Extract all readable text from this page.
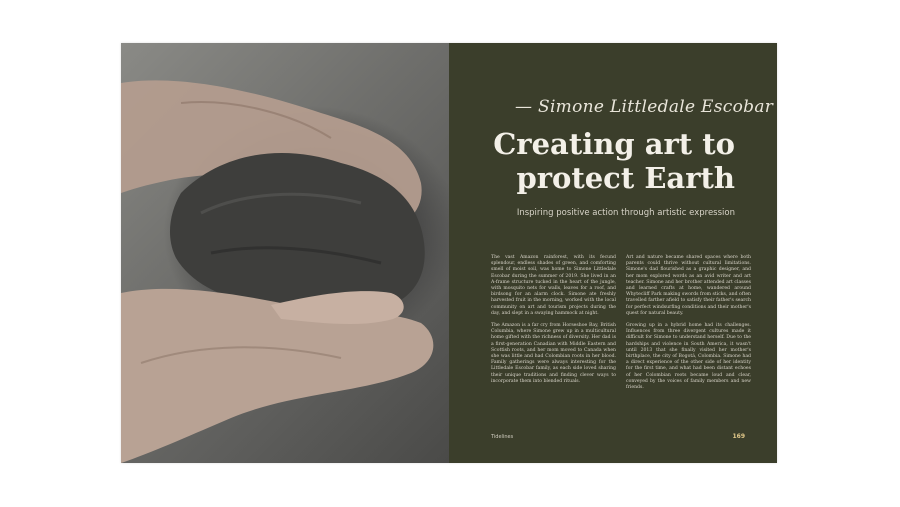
— Simone Littledale Escobar
Creating art to
protect Earth
Inspiring positive action through artistic expression

The vast Amazon rainforest, with its fecund splendour, endless shades of green, and comforting smell of moist soil, was home to Simone Littledale Escobar during the summer of 2019. She lived in an A-frame structure tucked in the heart of the jungle, with mosquito nets for walls, leaves for a roof, and birdsong for an alarm clock. Simone ate freshly harvested fruit in the morning, worked with the local community on art and tourism projects during the day, and slept in a swaying hammock at night.

The Amazon is a far cry from Horseshoe Bay, British Columbia, where Simone grew up in a multicultural home gifted with the richness of diversity. Her dad is a first-generation Canadian with Middle Eastern and Scottish roots, and her mom moved to Canada when she was little and had Colombian roots in her blood. Family gatherings were always interesting for the Littledale Escobar family, as each side loved sharing their unique traditions and finding clever ways to incorporate them into blended rituals.

Art and nature became shared spaces where both parents could thrive without cultural limitations. Simone's dad flourished as a graphic designer, and her mom explored words as an avid writer and art teacher. Simone and her brother attended art classes and learned crafts at home, wandered around Whytecliff Park making swords from sticks, and often travelled farther afield to satisfy their father's search for perfect windsurfing conditions and their mother's quest for natural beauty.

Growing up in a hybrid home had its challenges. Influences from three divergent cultures made it difficult for Simone to understand herself. Due to the hardships and violence in South America, it wasn't until 2013 that she finally visited her mother's birthplace, the city of Bogotá, Colombia. Simone had a direct experience of the other side of her identity for the first time, and what had been distant echoes of her Colombian roots became loud and clear, conveyed by the voices of family members and new friends.

Tidelines	169
